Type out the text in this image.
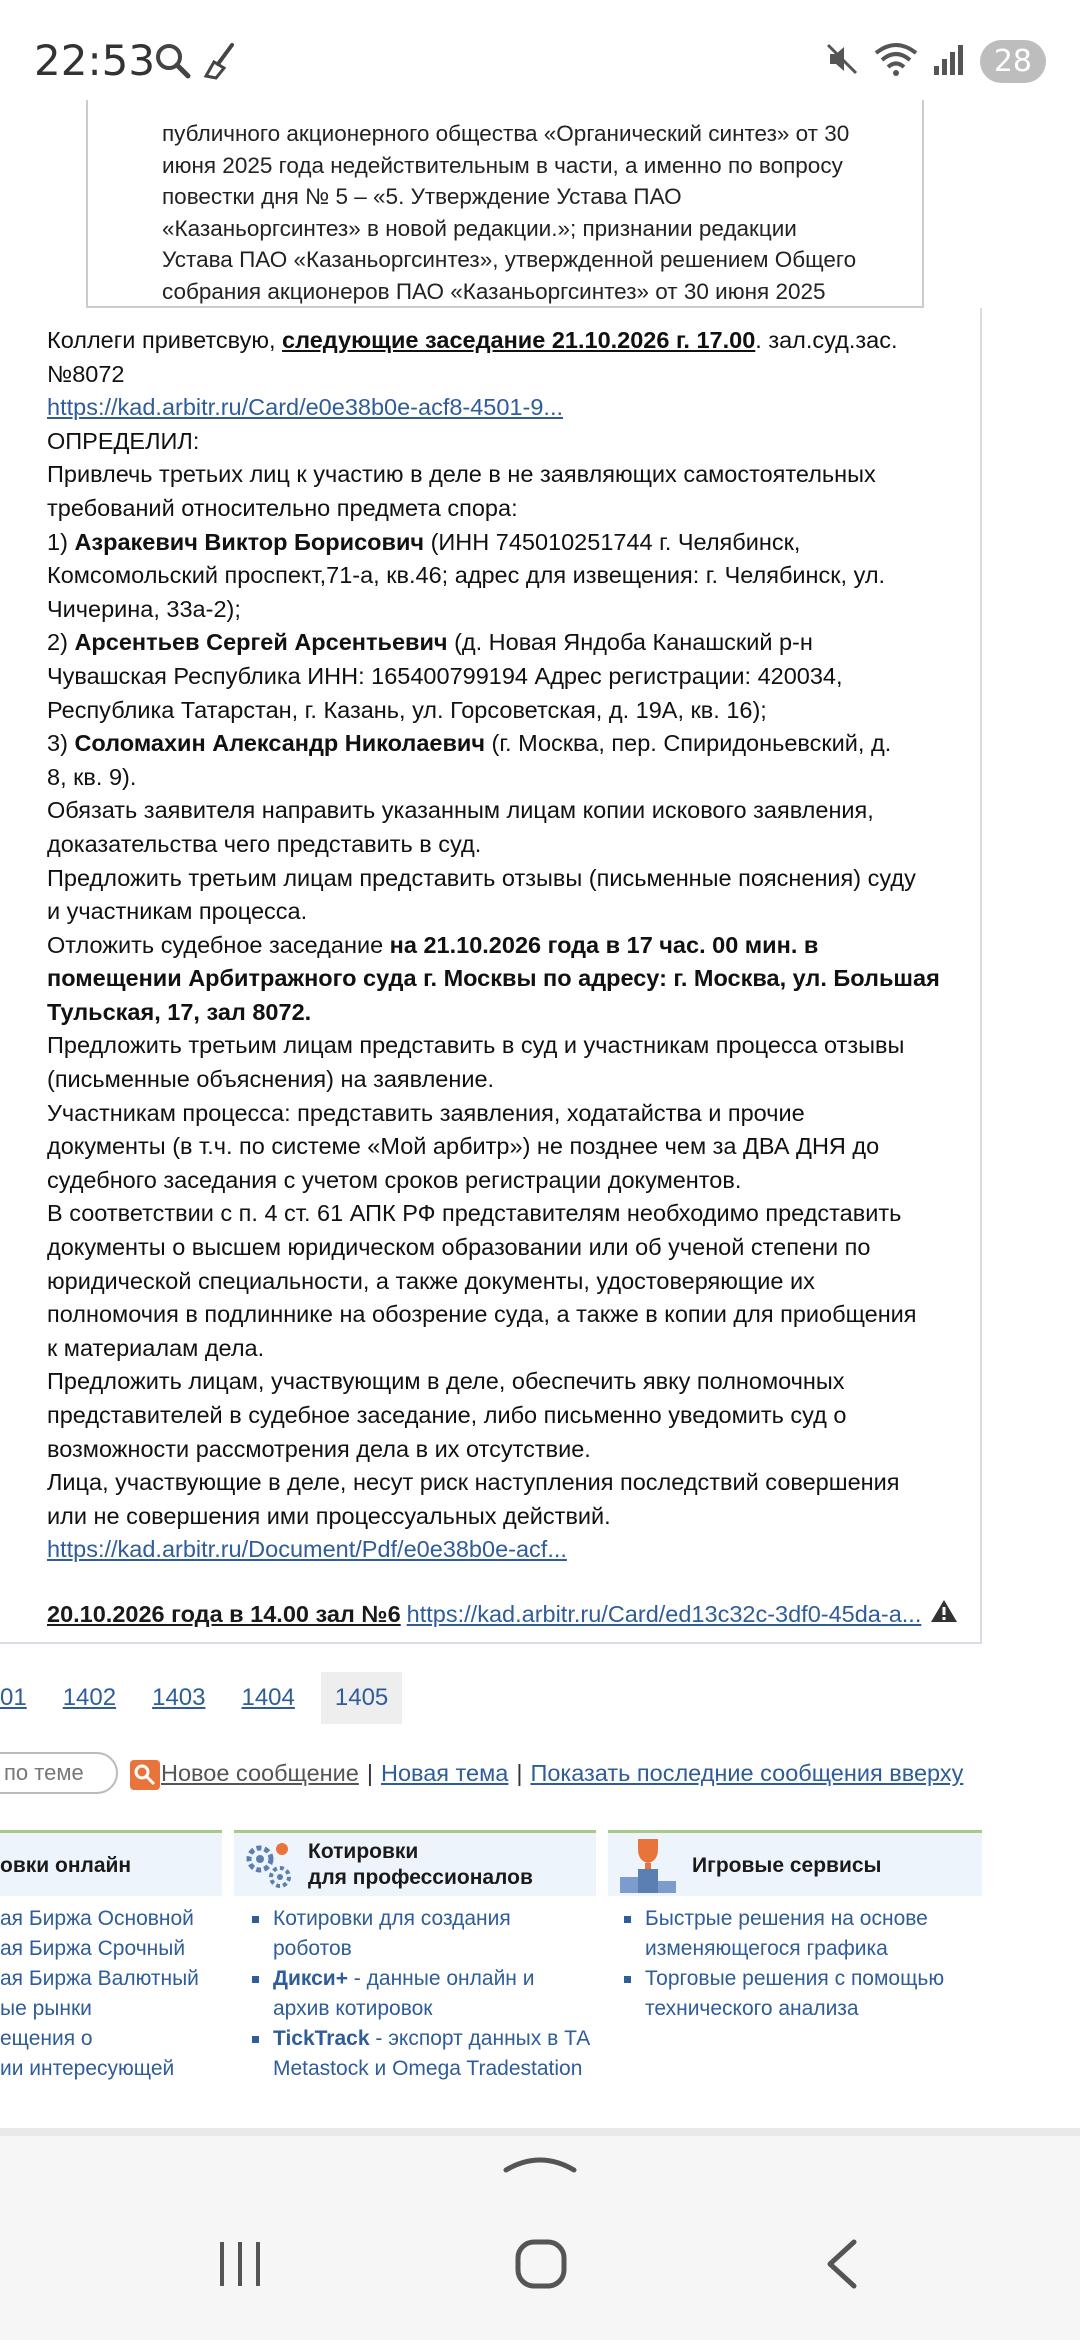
22:53	28
публичного акционерного общества «Органический синтез» от 30
июня 2025 года недействительным в части, а именно по вопросу
повестки дня № 5 – «5. Утверждение Устава ПАО
«Казаньоргсинтез» в новой редакции.»; признании редакции
Устава ПАО «Казаньоргсинтез», утвержденной решением Общего
собрания акционеров ПАО «Казаньоргсинтез» от 30 июня 2025
Коллеги приветсвую, следующие заседание 21.10.2026 г. 17.00. зал.суд.зас.
№8072
https://kad.arbitr.ru/Card/e0e38b0e-acf8-4501-9...
ОПРЕДЕЛИЛ:
Привлечь третьих лиц к участию в деле в не заявляющих самостоятельных
требований относительно предмета спора:
1) Азракевич Виктор Борисович (ИНН 745010251744 г. Челябинск,
Комсомольский проспект,71-а, кв.46; адрес для извещения: г. Челябинск, ул.
Чичерина, 33а-2);
2) Арсентьев Сергей Арсентьевич (д. Новая Яндоба Канашский р-н
Чувашская Республика ИНН: 165400799194 Адрес регистрации: 420034,
Республика Татарстан, г. Казань, ул. Горсоветская, д. 19А, кв. 16);
3) Соломахин Александр Николаевич (г. Москва, пер. Спиридоньевский, д.
8, кв. 9).
Обязать заявителя направить указанным лицам копии искового заявления,
доказательства чего представить в суд.
Предложить третьим лицам представить отзывы (письменные пояснения) суду
и участникам процесса.
Отложить судебное заседание на 21.10.2026 года в 17 час. 00 мин. в
помещении Арбитражного суда г. Москвы по адресу: г. Москва, ул. Большая
Тульская, 17, зал 8072.
Предложить третьим лицам представить в суд и участникам процесса отзывы
(письменные объяснения) на заявление.
Участникам процесса: представить заявления, ходатайства и прочие
документы (в т.ч. по системе «Мой арбитр») не позднее чем за ДВА ДНЯ до
судебного заседания с учетом сроков регистрации документов.
В соответствии с п. 4 ст. 61 АПК РФ представителям необходимо представить
документы о высшем юридическом образовании или об ученой степени по
юридической специальности, а также документы, удостоверяющие их
полномочия в подлиннике на обозрение суда, а также в копии для приобщения
к материалам дела.
Предложить лицам, участвующим в деле, обеспечить явку полномочных
представителей в судебное заседание, либо письменно уведомить суд о
возможности рассмотрения дела в их отсутствие.
Лица, участвующие в деле, несут риск наступления последствий совершения
или не совершения ими процессуальных действий.
https://kad.arbitr.ru/Document/Pdf/e0e38b0e-acf...
20.10.2026 года в 14.00 зал №6 https://kad.arbitr.ru/Card/ed13c32c-3df0-45da-a...
01	1402	1403	1404	1405
по теме	Новое сообщение | Новая тема | Показать последние сообщения вверху
овки онлайн
ая Биржа Основной
ая Биржа Срочный
ая Биржа Валютный
ые рынки
ещения о
ии интересующей
Котировки
для профессионалов
Котировки для создания
роботов
Дикси+ - данные онлайн и
архив котировок
TickTrack - экспорт данных в ТА
Metastock и Omega Tradestation
Игровые сервисы
Быстрые решения на основе
изменяющегося графика
Торговые решения с помощью
технического анализа
